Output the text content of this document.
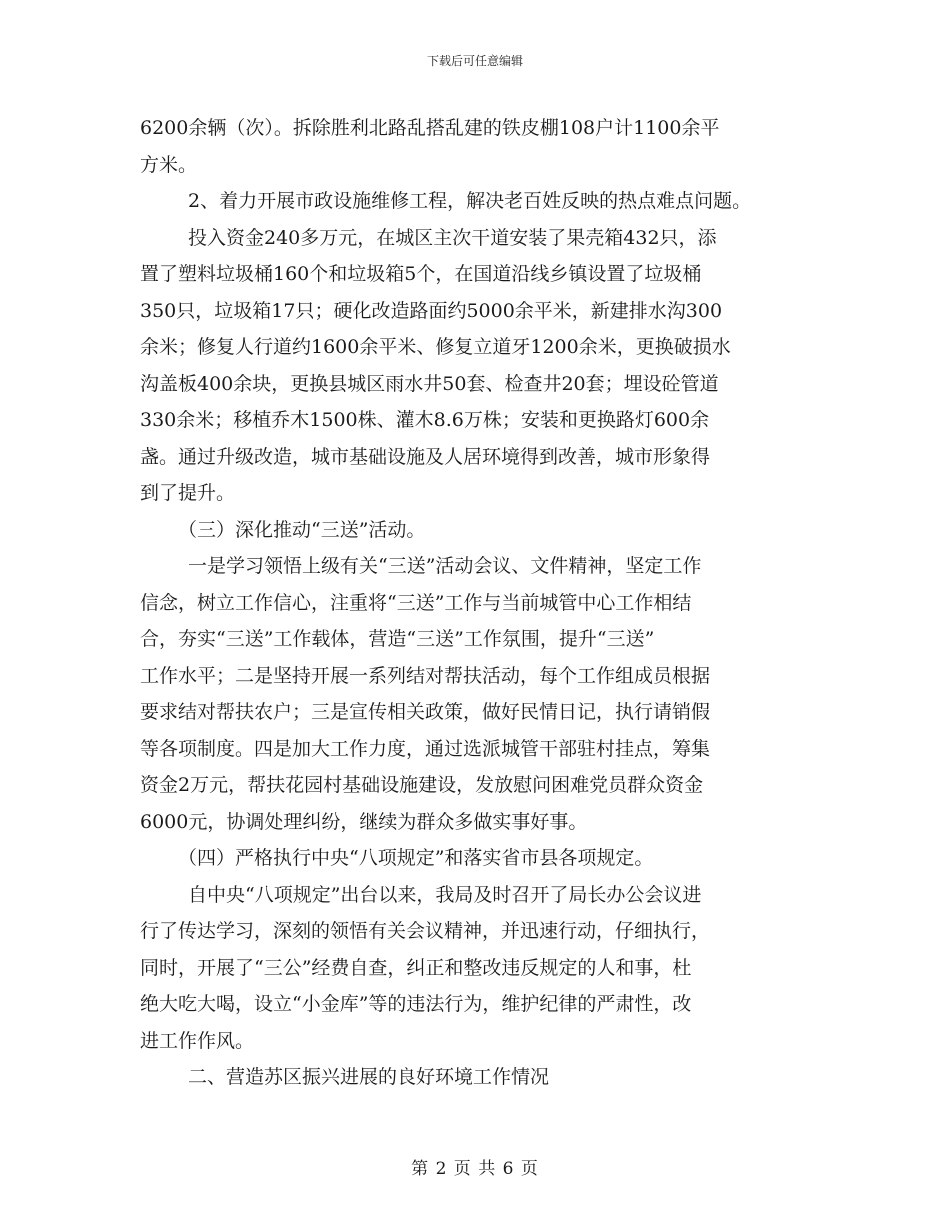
下载后可任意编辑

6200余辆（次）。拆除胜利北路乱搭乱建的铁皮棚108户计1100余平

方米。

2、着力开展市政设施维修工程，解决老百姓反映的热点难点问题。

投入资金240多万元，在城区主次干道安装了果壳箱432只，添

置了塑料垃圾桶160个和垃圾箱5个，在国道沿线乡镇设置了垃圾桶

350只，垃圾箱17只；硬化改造路面约5000余平米，新建排水沟300

余米；修复人行道约1600余平米、修复立道牙1200余米，更换破损水

沟盖板400余块，更换县城区雨水井50套、检查井20套；埋设砼管道

330余米；移植乔木1500株、灌木8.6万株；安装和更换路灯600余

盏。通过升级改造，城市基础设施及人居环境得到改善，城市形象得

到了提升。

（三）深化推动“三送”活动。

一是学习领悟上级有关“三送”活动会议、文件精神，坚定工作

信念，树立工作信心，注重将“三送”工作与当前城管中心工作相结

合，夯实“三送”工作载体，营造“三送”工作氛围，提升“三送”

工作水平；二是坚持开展一系列结对帮扶活动，每个工作组成员根据

要求结对帮扶农户；三是宣传相关政策，做好民情日记，执行请销假

等各项制度。四是加大工作力度，通过选派城管干部驻村挂点，筹集

资金2万元，帮扶花园村基础设施建设，发放慰问困难党员群众资金

6000元，协调处理纠纷，继续为群众多做实事好事。

（四）严格执行中央“八项规定”和落实省市县各项规定。

自中央“八项规定”出台以来，我局及时召开了局长办公会议进

行了传达学习，深刻的领悟有关会议精神，并迅速行动，仔细执行，

同时，开展了“三公”经费自查，纠正和整改违反规定的人和事，杜

绝大吃大喝，设立“小金库”等的违法行为，维护纪律的严肃性，改

进工作作风。

二、营造苏区振兴进展的良好环境工作情况

第 2 页 共 6 页
